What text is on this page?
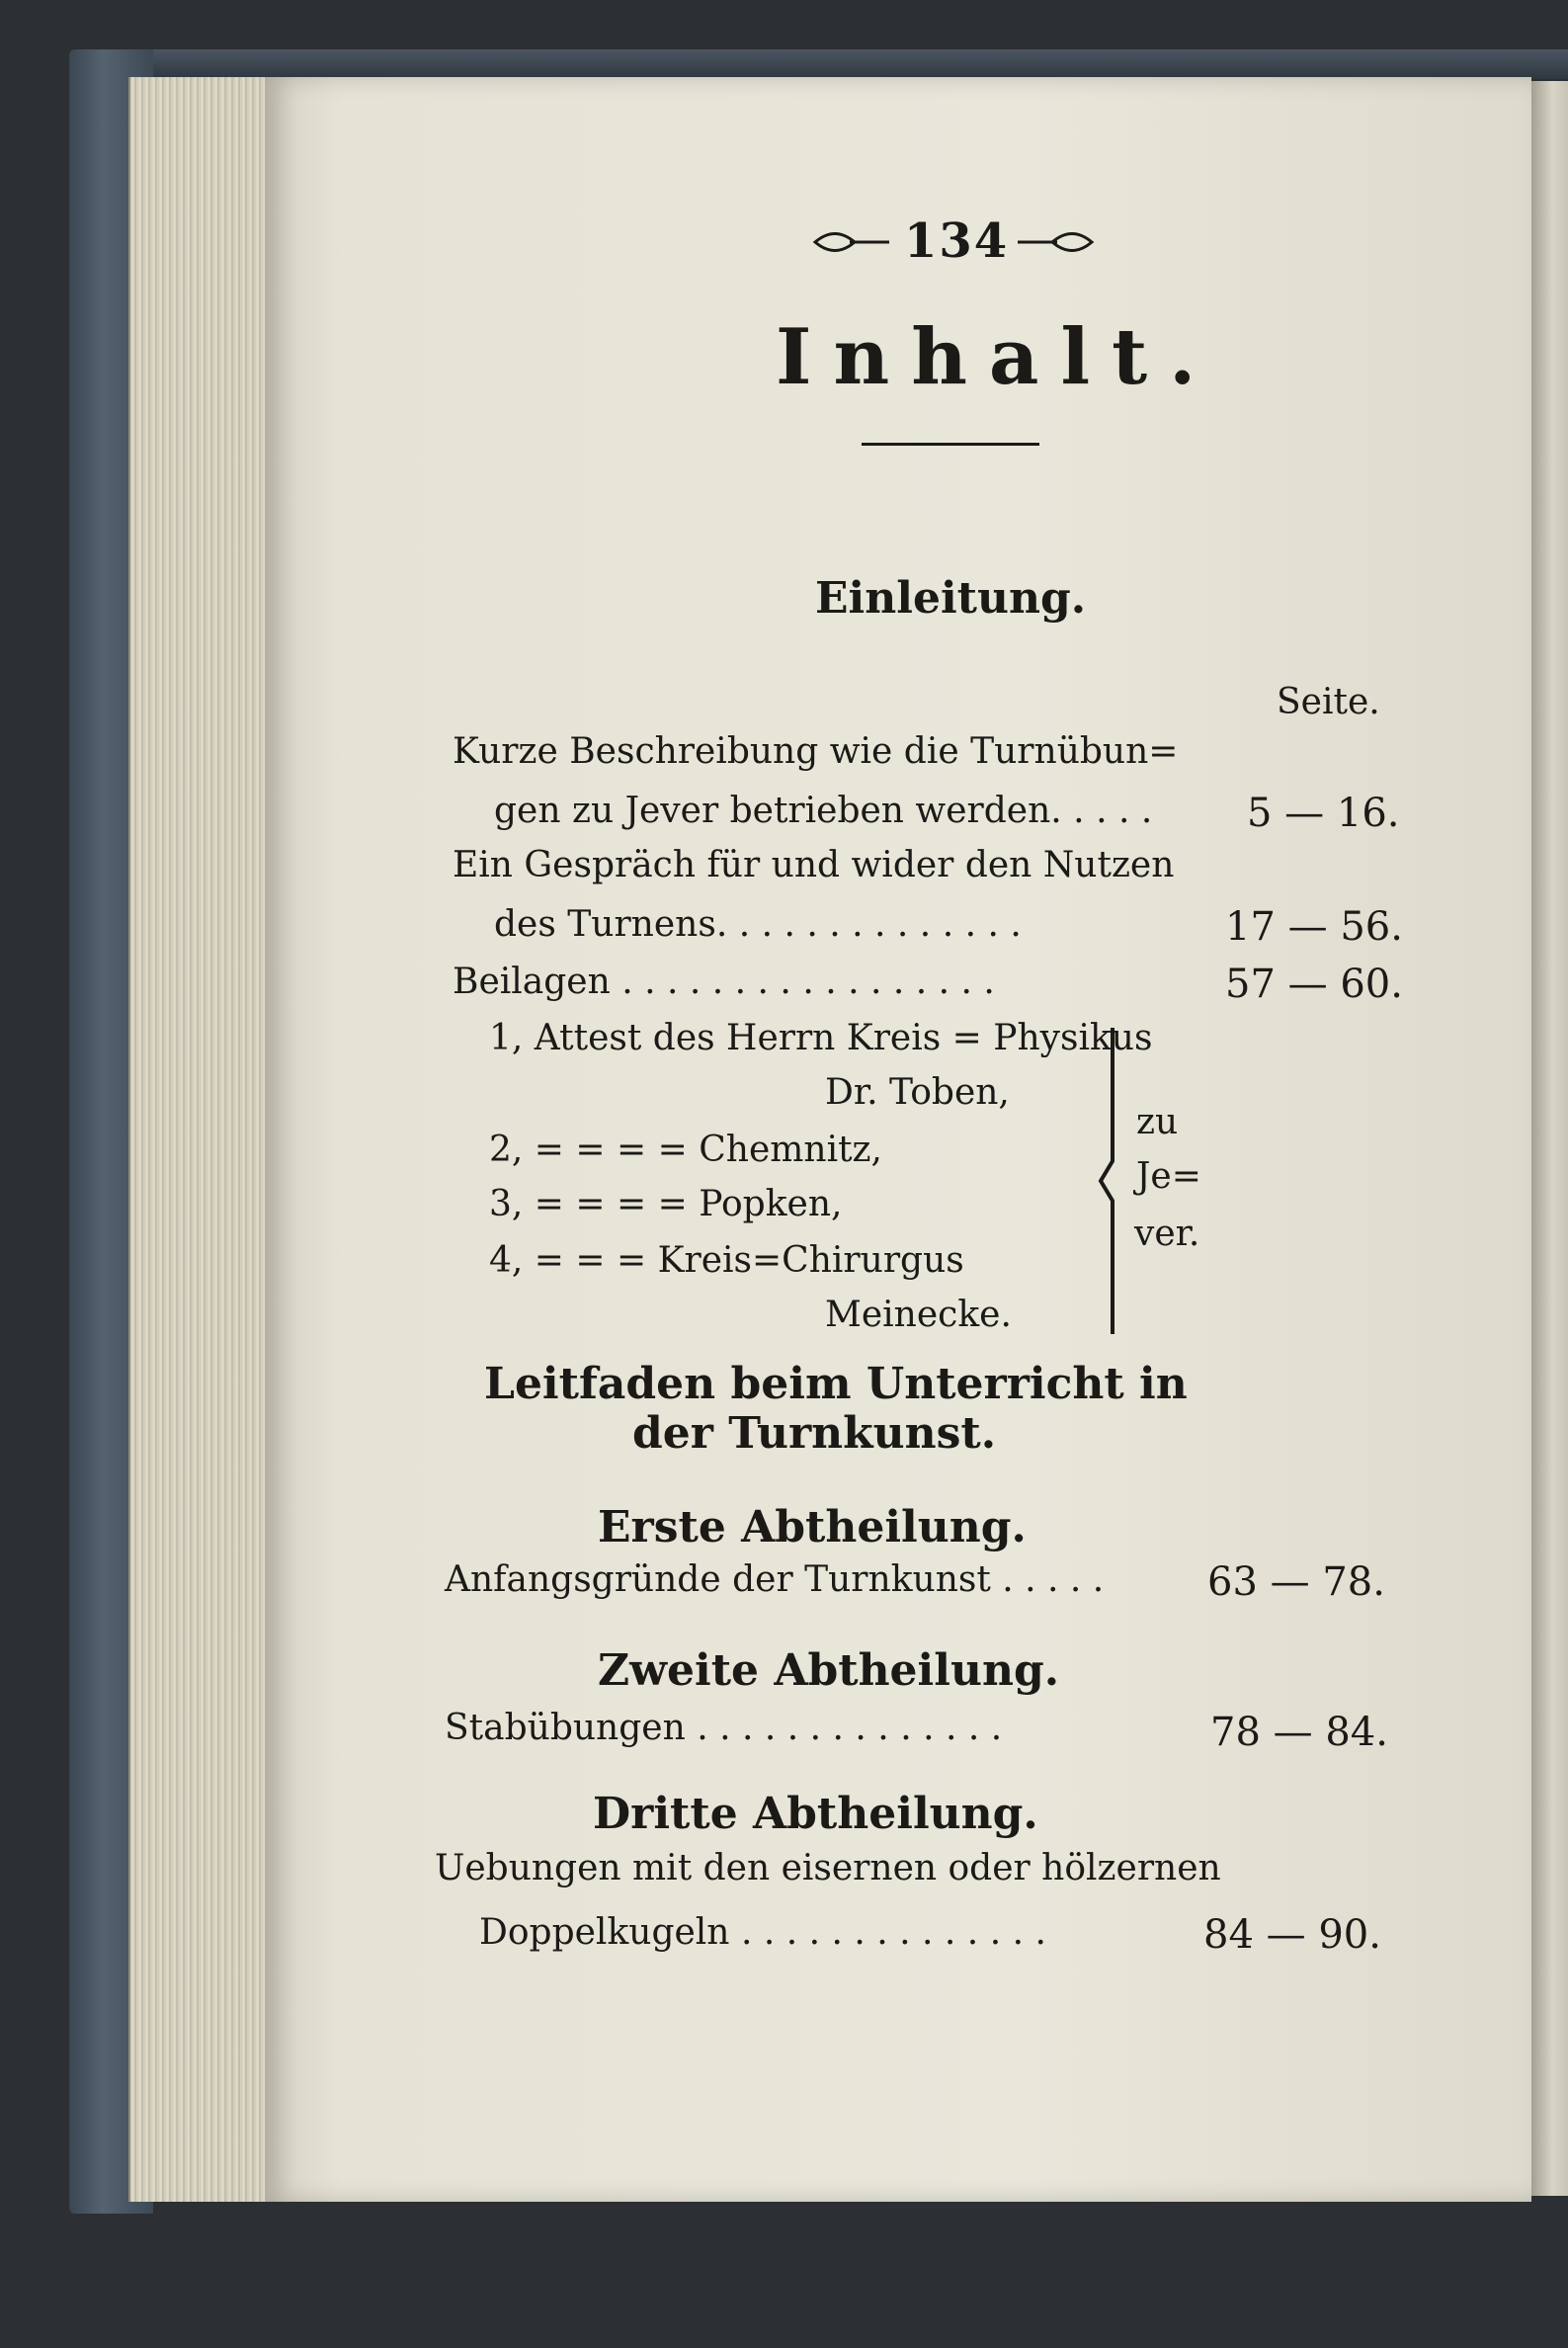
134
Inhalt.
Einleitung.
Seite.
Kurze Beschreibung wie die Turnübun=
gen zu Jever betrieben werden. . . . . 5 — 16.
Ein Gespräch für und wider den Nutzen
des Turnens. . . . . . . . . . . . . .	17 — 56.
Beilagen . . . . . . . . . . . . . . . . .	57 — 60.
1, Attest des Herrn Kreis = Physikus
Dr. Toben,
2, = = = = Chemnitz,
3, = = = = Popken,
4, = = = Kreis=Chirurgus
Meinecke.
zu
Je=
ver.
Leitfaden beim Unterricht in
der Turnkunst.
Erste Abtheilung.
Anfangsgründe der Turnkunst . . . . .	63 — 78.
Zweite Abtheilung.
Stabübungen . . . . . . . . . . . . . .	78 — 84.
Dritte Abtheilung.
Uebungen mit den eisernen oder hölzernen
Doppelkugeln . . . . . . . . . . . . . .	84 — 90.
